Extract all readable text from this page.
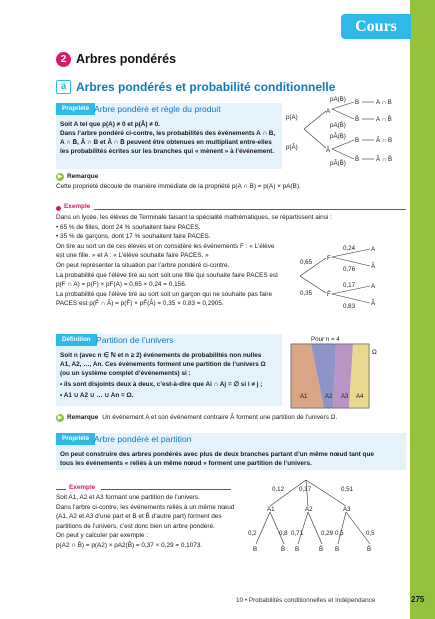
Cours
2 Arbres pondérés
a Arbres pondérés et probabilité conditionnelle
Propriété Arbre pondéré et règle du produit
Soit A tel que p(A) ≠ 0 et p(Ā) ≠ 0.
Dans l’arbre pondéré ci-contre, les probabilités des événements A ∩ B,
A ∩ B̄, Ā ∩ B et Ā ∩ B̄ peuvent être obtenues en multipliant entre-elles
les probabilités écrites sur les branches qui « mènent » à l’événement.
p(A)
p(Ā)
A
Ā
pA(B)
pA(B̄)
pĀ(B)
pĀ(B̄)
B
B̄
B
B̄
A ∩ B
A ∩ B̄
Ā ∩ B
Ā ∩ B̄
▶ Remarque
Cette propriété découle de manière immédiate de la propriété p(A ∩ B) = p(A) × pA(B).
Exemple
Dans un lycée, les élèves de Terminale faisant la spécialité mathématiques, se répartissent ainsi :
• 65 % de filles, dont 24 % souhaitent faire PACES.
• 35 % de garçons, dont 17 % souhaitent faire PACES.
On tire au sort un de ces élèves et on considère les événements F : « L’élève
est une fille. » et A : « L’élève souhaite faire PACES. »
On peut représenter la situation par l’arbre pondéré ci-contre.
La probabilité que l’élève tiré au sort soit une fille qui souhaite faire PACES est
p(F ∩ A) = p(F) × pF(A) = 0,65 × 0,24 = 0,156.
La probabilité que l’élève tiré au sort soit un garçon qui ne souhaite pas faire
PACES est p(F̄ ∩ Ā) = p(F̄) × pF̄(Ā) = 0,35 × 0,83 = 0,2905.
0,65
0,35
F
F̄
0,24
0,76
0,17
0,83
A
Ā
A
Ā
Définition Partition de l’univers
Soit n (avec n ∈ ℕ et n ≥ 2) événements de probabilités non nulles
A1, A2, …, An. Ces événements forment une partition de l’univers Ω
(ou un système complet d’événements) si :
• ils sont disjoints deux à deux, c’est-à-dire que Ai ∩ Aj = ∅ si i ≠ j ;
• A1 ∪ A2 ∪ … ∪ An = Ω.
Pour n = 4
Ω
A1	A2 A3 A4
▶ Remarque Un événement A et son événement contraire Ā forment une partition de l’univers Ω.
Propriété Arbre pondéré et partition
On peut construire des arbres pondérés avec plus de deux branches partant d’un même nœud tant que
tous les événements « reliés à un même nœud » forment une partition de l’univers.
Exemple
Soit A1, A2 et A3 formant une partition de l’univers.
Dans l’arbre ci-contre, les événements reliés à un même nœud
(A1, A2 et A3 d’une part et B et B̄ d’autre part) forment des
partitions de l’univers, c’est donc bien un arbre pondéré.
On peut y calculer par exemple :
p(A2 ∩ B̄) = p(A2) × pA2(B̄) = 0,37 × 0,29 = 0,1073.
0,12 0,37	0,51
A1	A2	A3
0,2	0,8 0,71	0,29 0,5	0,5
B	B̄ B	B̄ B	B̄
10 • Probabilités conditionnelles et indépendance	275
